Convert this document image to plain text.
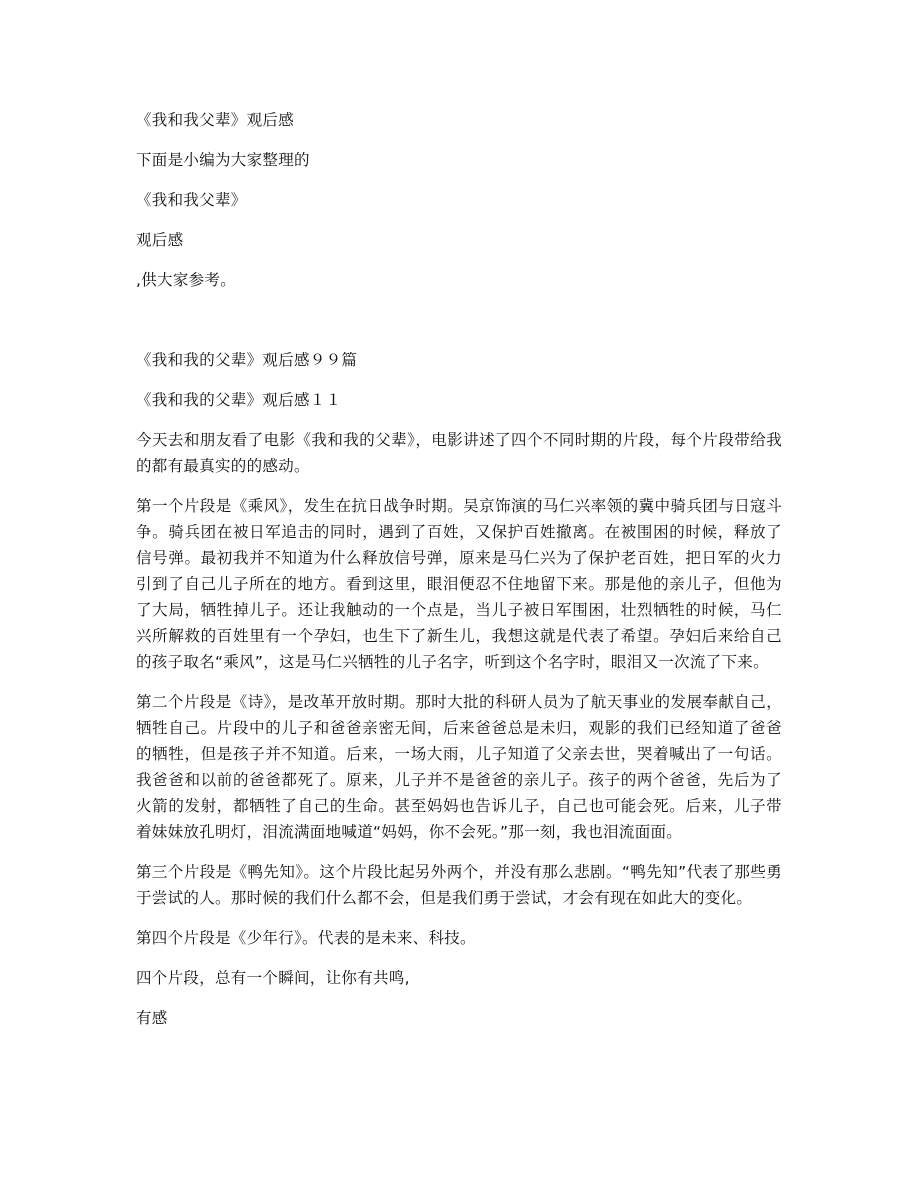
《我和我父辈》观后感

下面是小编为大家整理的

《我和我父辈》

观后感

,供大家参考。

《我和我的父辈》观后感９９篇

《我和我的父辈》观后感１１

今天去和朋友看了电影《我和我的父辈》，电影讲述了四个不同时期的片段，每个片段带给我的都有最真实的的感动。

第一个片段是《乘风》，发生在抗日战争时期。吴京饰演的马仁兴率领的冀中骑兵团与日寇斗争。骑兵团在被日军追击的同时，遇到了百姓，又保护百姓撤离。在被围困的时候，释放了信号弹。最初我并不知道为什么释放信号弹，原来是马仁兴为了保护老百姓，把日军的火力引到了自己儿子所在的地方。看到这里，眼泪便忍不住地留下来。那是他的亲儿子，但他为了大局，牺牲掉儿子。还让我触动的一个点是，当儿子被日军围困，壮烈牺牲的时候，马仁兴所解救的百姓里有一个孕妇，也生下了新生儿，我想这就是代表了希望。孕妇后来给自己的孩子取名“乘风”，这是马仁兴牺牲的儿子名字，听到这个名字时，眼泪又一次流了下来。

第二个片段是《诗》，是改革开放时期。那时大批的科研人员为了航天事业的发展奉献自己，牺牲自己。片段中的儿子和爸爸亲密无间，后来爸爸总是未归，观影的我们已经知道了爸爸的牺牲，但是孩子并不知道。后来，一场大雨，儿子知道了父亲去世，哭着喊出了一句话。我爸爸和以前的爸爸都死了。原来，儿子并不是爸爸的亲儿子。孩子的两个爸爸，先后为了火箭的发射，都牺牲了自己的生命。甚至妈妈也告诉儿子，自己也可能会死。后来，儿子带着妹妹放孔明灯，泪流满面地喊道“妈妈，你不会死。”那一刻，我也泪流面面。

第三个片段是《鸭先知》。这个片段比起另外两个，并没有那么悲剧。“鸭先知”代表了那些勇于尝试的人。那时候的我们什么都不会，但是我们勇于尝试，才会有现在如此大的变化。

第四个片段是《少年行》。代表的是未来、科技。

四个片段，总有一个瞬间，让你有共鸣,

有感
